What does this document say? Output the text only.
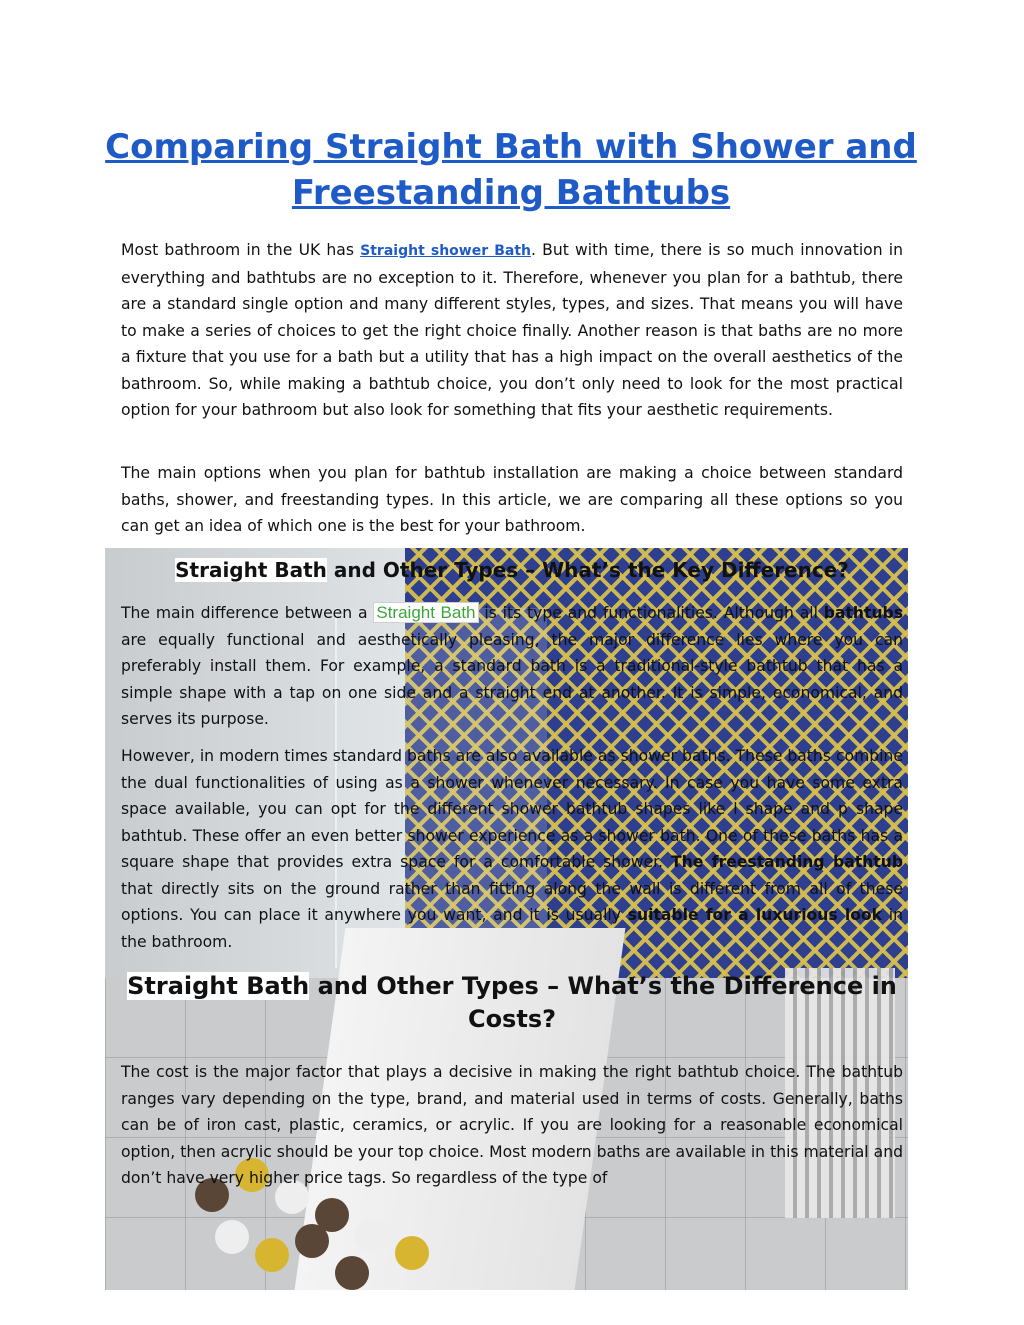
Comparing Straight Bath with Shower and Freestanding Bathtubs

Most bathroom in the UK has Straight shower Bath. But with time, there is so much innovation in everything and bathtubs are no exception to it. Therefore, whenever you plan for a bathtub, there are a standard single option and many different styles, types, and sizes. That means you will have to make a series of choices to get the right choice finally. Another reason is that baths are no more a fixture that you use for a bath but a utility that has a high impact on the overall aesthetics of the bathroom. So, while making a bathtub choice, you don’t only need to look for the most practical option for your bathroom but also look for something that fits your aesthetic requirements.

The main options when you plan for bathtub installation are making a choice between standard baths, shower, and freestanding types. In this article, we are comparing all these options so you can get an idea of which one is the best for your bathroom.

Straight Bath and Other Types – What’s the Key Difference?

The main difference between a Straight Bath is its type and functionalities. Although all bathtubs are equally functional and aesthetically pleasing, the major difference lies where you can preferably install them. For example, a standard bath is a traditional-style bathtub that has a simple shape with a tap on one side and a straight end at another. It is simple, economical, and serves its purpose.

However, in modern times standard baths are also available as shower baths. These baths combine the dual functionalities of using as a shower whenever necessary. In case you have some extra space available, you can opt for the different shower bathtub shapes like l shape and p shape bathtub. These offer an even better shower experience as a shower bath. One of these baths has a square shape that provides extra space for a comfortable shower. The freestanding bathtub that directly sits on the ground rather than fitting along the wall is different from all of these options. You can place it anywhere you want, and it is usually suitable for a luxurious look in the bathroom.

Straight Bath and Other Types – What’s the Difference in Costs?

The cost is the major factor that plays a decisive in making the right bathtub choice. The bathtub ranges vary depending on the type, brand, and material used in terms of costs. Generally, baths can be of iron cast, plastic, ceramics, or acrylic. If you are looking for a reasonable economical option, then acrylic should be your top choice. Most modern baths are available in this material and don’t have very higher price tags. So regardless of the type of
